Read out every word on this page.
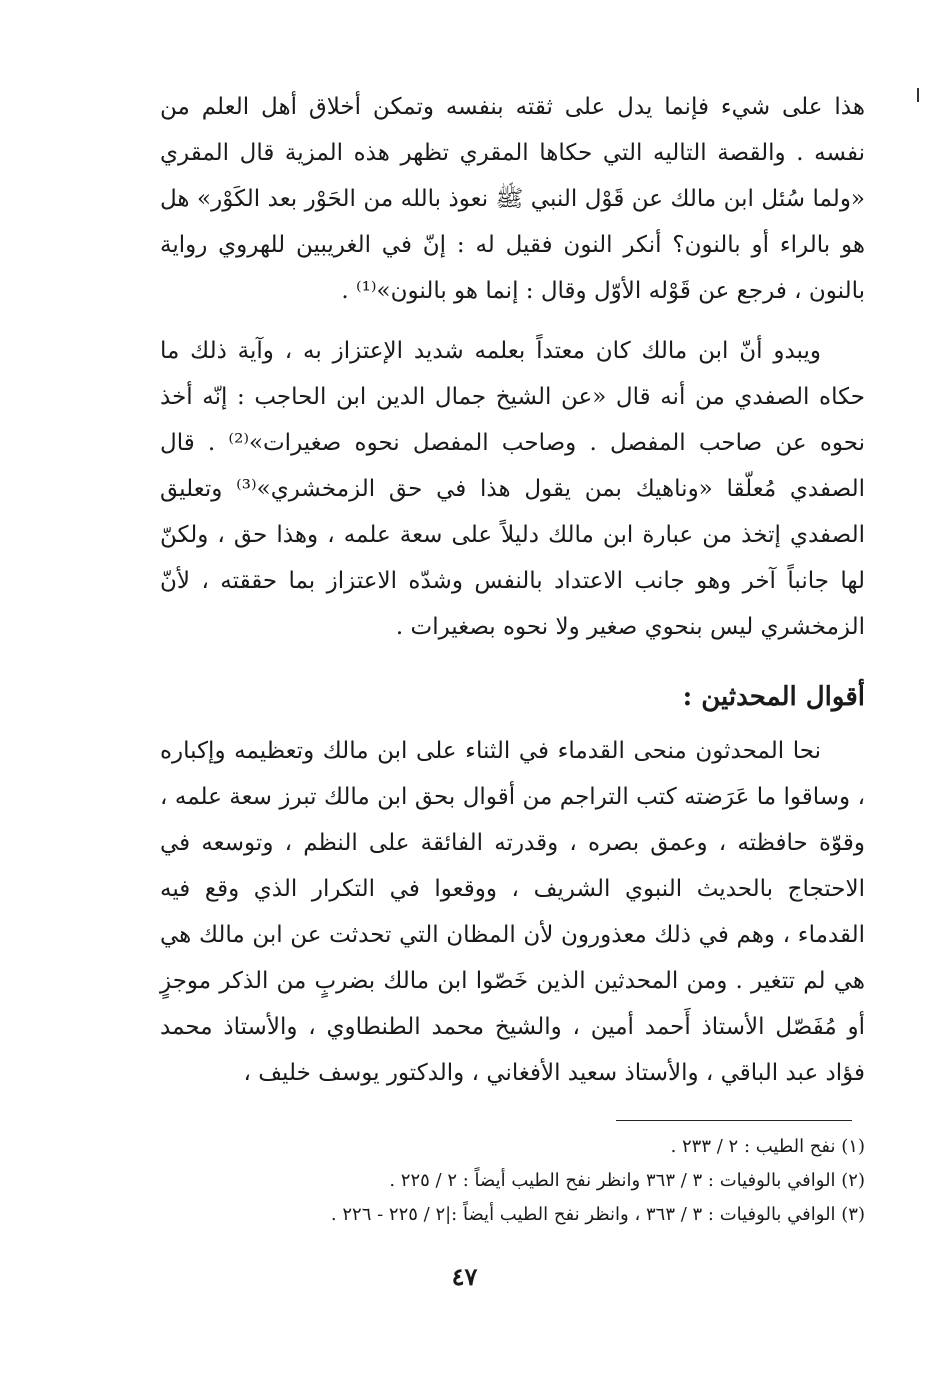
هذا على شيء فإنما يدل على ثقته بنفسه وتمكن أخلاق أهل العلم من نفسه . والقصة التاليه التي حكاها المقري تظهر هذه المزية قال المقري «ولما سُئل ابن مالك عن قَوْل النبي ﷺ نعوذ بالله من الحَوْر بعد الكَوْر» هل هو بالراء أو بالنون؟ أنكر النون فقيل له : إنّ في الغريبين للهروي رواية بالنون ، فرجع عن قَوْله الأوّل وقال : إنما هو بالنون»⁽¹⁾ .

ويبدو أنّ ابن مالك كان معتداً بعلمه شديد الإعتزاز به ، وآية ذلك ما حكاه الصفدي من أنه قال «عن الشيخ جمال الدين ابن الحاجب : إنّه أخذ نحوه عن صاحب المفصل . وصاحب المفصل نحوه صغيرات»⁽²⁾ . قال الصفدي مُعلّقا «وناهيك بمن يقول هذا في حق الزمخشري»⁽³⁾ وتعليق الصفدي إتخذ من عبارة ابن مالك دليلاً على سعة علمه ، وهذا حق ، ولكنّ لها جانباً آخر وهو جانب الاعتداد بالنفس وشدّه الاعتزاز بما حققته ، لأنّ الزمخشري ليس بنحوي صغير ولا نحوه بصغيرات .

أقوال المحدثين :

نحا المحدثون منحى القدماء في الثناء على ابن مالك وتعظيمه وإكباره ، وساقوا ما عَرَضته كتب التراجم من أقوال بحق ابن مالك تبرز سعة علمه ، وقوّة حافظته ، وعمق بصره ، وقدرته الفائقة على النظم ، وتوسعه في الاحتجاج بالحديث النبوي الشريف ، ووقعوا في التكرار الذي وقع فيه القدماء ، وهم في ذلك معذورون لأن المظان التي تحدثت عن ابن مالك هي هي لم تتغير . ومن المحدثين الذين خَصّوا ابن مالك بضربٍ من الذكر موجزٍ أو مُفَصّل الأستاذ أَحمد أمين ، والشيخ محمد الطنطاوي ، والأستاذ محمد فؤاد عبد الباقي ، والأستاذ سعيد الأفغاني ، والدكتور يوسف خليف ،

(١) نفح الطيب : ٢ / ٢٣٣ .

(٢) الوافي بالوفيات : ٣ / ٣٦٣ وانظر نفح الطيب أيضاً : ٢ / ٢٢٥ .

(٣) الوافي بالوفيات : ٣ / ٣٦٣ ، وانظر نفح الطيب أيضاً :|٢ / ٢٢٥ - ٢٢٦ .

٤٧
